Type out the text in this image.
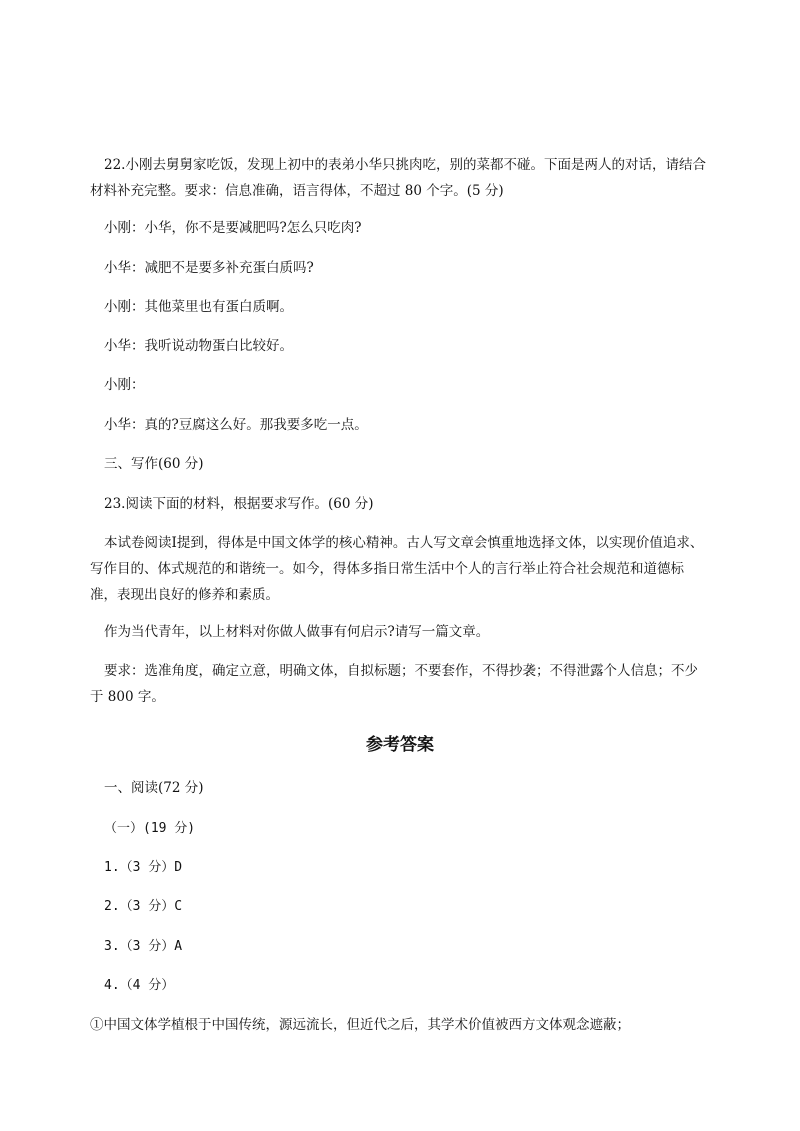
22.小刚去舅舅家吃饭，发现上初中的表弟小华只挑肉吃，别的菜都不碰。下面是两人的对话，请结合材料补充完整。要求：信息准确，语言得体，不超过 80 个字。(5 分)

小刚：小华，你不是要减肥吗?怎么只吃肉?

小华：减肥不是要多补充蛋白质吗?

小刚：其他菜里也有蛋白质啊。

小华：我听说动物蛋白比较好。

小刚：

小华：真的?豆腐这么好。那我要多吃一点。

三、写作(60 分)

23.阅读下面的材料，根据要求写作。(60 分)

本试卷阅读Ⅰ提到，得体是中国文体学的核心精神。古人写文章会慎重地选择文体，以实现价值追求、写作目的、体式规范的和谐统一。如今，得体多指日常生活中个人的言行举止符合社会规范和道德标准，表现出良好的修养和素质。

作为当代青年，以上材料对你做人做事有何启示?请写一篇文章。

要求：选准角度，确定立意，明确文体，自拟标题；不要套作，不得抄袭；不得泄露个人信息；不少于 800 字。

参考答案

一、阅读(72 分)

（一）(19 分)

1.（3 分）D

2.（3 分）C

3.（3 分）A

4.（4 分）

①中国文体学植根于中国传统，源远流长，但近代之后，其学术价值被西方文体观念遮蔽；
